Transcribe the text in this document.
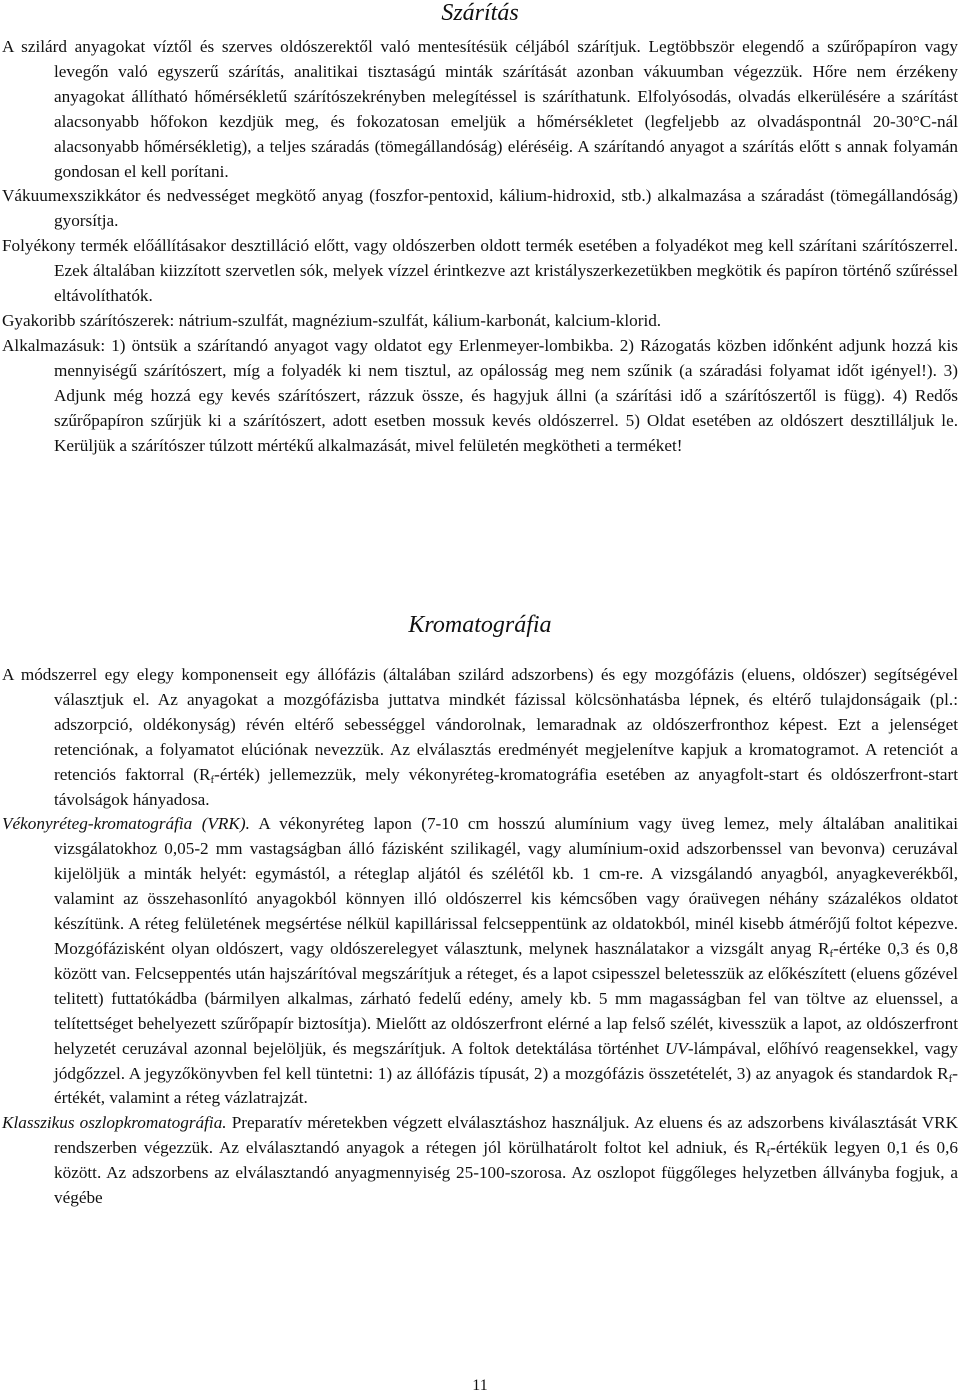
Szárítás

A szilárd anyagokat víztől és szerves oldószerektől való mentesítésük céljából szárítjuk. Legtöbbször elegendő a szűrőpapíron vagy levegőn való egyszerű szárítás, analitikai tisztaságú minták szárítását azonban vákuumban végezzük. Hőre nem érzékeny anyagokat állítható hőmérsékletű szárítószekrényben melegítéssel is száríthatunk. Elfolyósodás, olvadás elkerülésére a szárítást alacsonyabb hőfokon kezdjük meg, és fokozatosan emeljük a hőmérsékletet (legfeljebb az olvadáspontnál 20-30°C-nál alacsonyabb hőmérsékletig), a teljes száradás (tömegállandóság) eléréséig. A szárítandó anyagot a szárítás előtt s annak folyamán gondosan el kell porítani.

Vákuumexszikkátor és nedvességet megkötő anyag (foszfor-pentoxid, kálium-hidroxid, stb.) alkalmazása a száradást (tömegállandóság) gyorsítja.

Folyékony termék előállításakor desztilláció előtt, vagy oldószerben oldott termék esetében a folyadékot meg kell szárítani szárítószerrel. Ezek általában kiizzított szervetlen sók, melyek vízzel érintkezve azt kristályszerkezetükben megkötik és papíron történő szűréssel eltávolíthatók.

Gyakoribb szárítószerek: nátrium-szulfát, magnézium-szulfát, kálium-karbonát, kalcium-klorid.

Alkalmazásuk: 1) öntsük a szárítandó anyagot vagy oldatot egy Erlenmeyer-lombikba. 2) Rázogatás közben időnként adjunk hozzá kis mennyiségű szárítószert, míg a folyadék ki nem tisztul, az opálosság meg nem szűnik (a száradási folyamat időt igényel!). 3) Adjunk még hozzá egy kevés szárítószert, rázzuk össze, és hagyjuk állni (a szárítási idő a szárítószertől is függ). 4) Redős szűrőpapíron szűrjük ki a szárítószert, adott esetben mossuk kevés oldószerrel. 5) Oldat esetében az oldószert desztilláljuk le. Kerüljük a szárítószer túlzott mértékű alkalmazását, mivel felületén megkötheti a terméket!

Kromatográfia

A módszerrel egy elegy komponenseit egy állófázis (általában szilárd adszorbens) és egy mozgófázis (eluens, oldószer) segítségével választjuk el. Az anyagokat a mozgófázisba juttatva mindkét fázissal kölcsönhatásba lépnek, és eltérő tulajdonságaik (pl.: adszorpció, oldékonyság) révén eltérő sebességgel vándorolnak, lemaradnak az oldószerfronthoz képest. Ezt a jelenséget retenciónak, a folyamatot elúciónak nevezzük. Az elválasztás eredményét megjelenítve kapjuk a kromatogramot. A retenciót a retenciós faktorral $(R_f-érték)$ jellemezzük, mely vékonyréteg-kromatográfia esetében az anyagfolt-start és oldószerfront-start távolságok hányadosa.

Vékonyréteg-kromatográfia (VRK). A vékonyréteg lapon (7-10 cm hosszú alumínium vagy üveg lemez, mely általában analitikai vizsgálatokhoz 0,05-2 mm vastagságban álló fázisként szilikagél, vagy alumínium-oxid adszorbenssel van bevonva) ceruzával kijelöljük a minták helyét: egymástól, a réteglap aljától és szélétől kb. 1 cm-re. A vizsgálandó anyagból, anyagkeverékből, valamint az összehasonlító anyagokból könnyen illó oldószerrel kis kémcsőben vagy óraüvegen néhány százalékos oldatot készítünk. A réteg felületének megsértése nélkül kapillárissal felcseppentünk az oldatokból, minél kisebb átmérőjű foltot képezve. Mozgófázisként olyan oldószert, vagy oldószerelegyet választunk, melynek használatakor a vizsgált anyag $R_f$-értéke 0,3 és 0,8 között van. Felcseppentés után hajszárítóval megszárítjuk a réteget, és a lapot csipesszel beletesszük az előkészített (eluens gőzével telitett) futtatókádba (bármilyen alkalmas, zárható fedelű edény, amely kb. 5 mm magasságban fel van töltve az eluenssel, a telítettséget behelyezett szűrőpapír biztosítja). Mielőtt az oldószerfront elérné a lap felső szélét, kivesszük a lapot, az oldószerfront helyzetét ceruzával azonnal bejelöljük, és megszárítjuk. A foltok detektálása történhet UV-lámpával, előhívó reagensekkel, vagy jódgőzzel. A jegyzőkönyvben fel kell tüntetni: 1) az állófázis típusát, 2) a mozgófázis összetételét, 3) az anyagok és standardok $R_f$-értékét, valamint a réteg vázlatrajzát.

Klasszikus oszlopkromatográfia. Preparatív méretekben végzett elválasztáshoz használjuk. Az eluens és az adszorbens kiválasztását VRK rendszerben végezzük. Az elválasztandó anyagok a rétegen jól körülhatárolt foltot kel adniuk, és $R_f$-értékük legyen 0,1 és 0,6 között. Az adszorbens az elválasztandó anyagmennyiség 25-100-szorosa. Az oszlopot függőleges helyzetben állványba fogjuk, a végébe

11
